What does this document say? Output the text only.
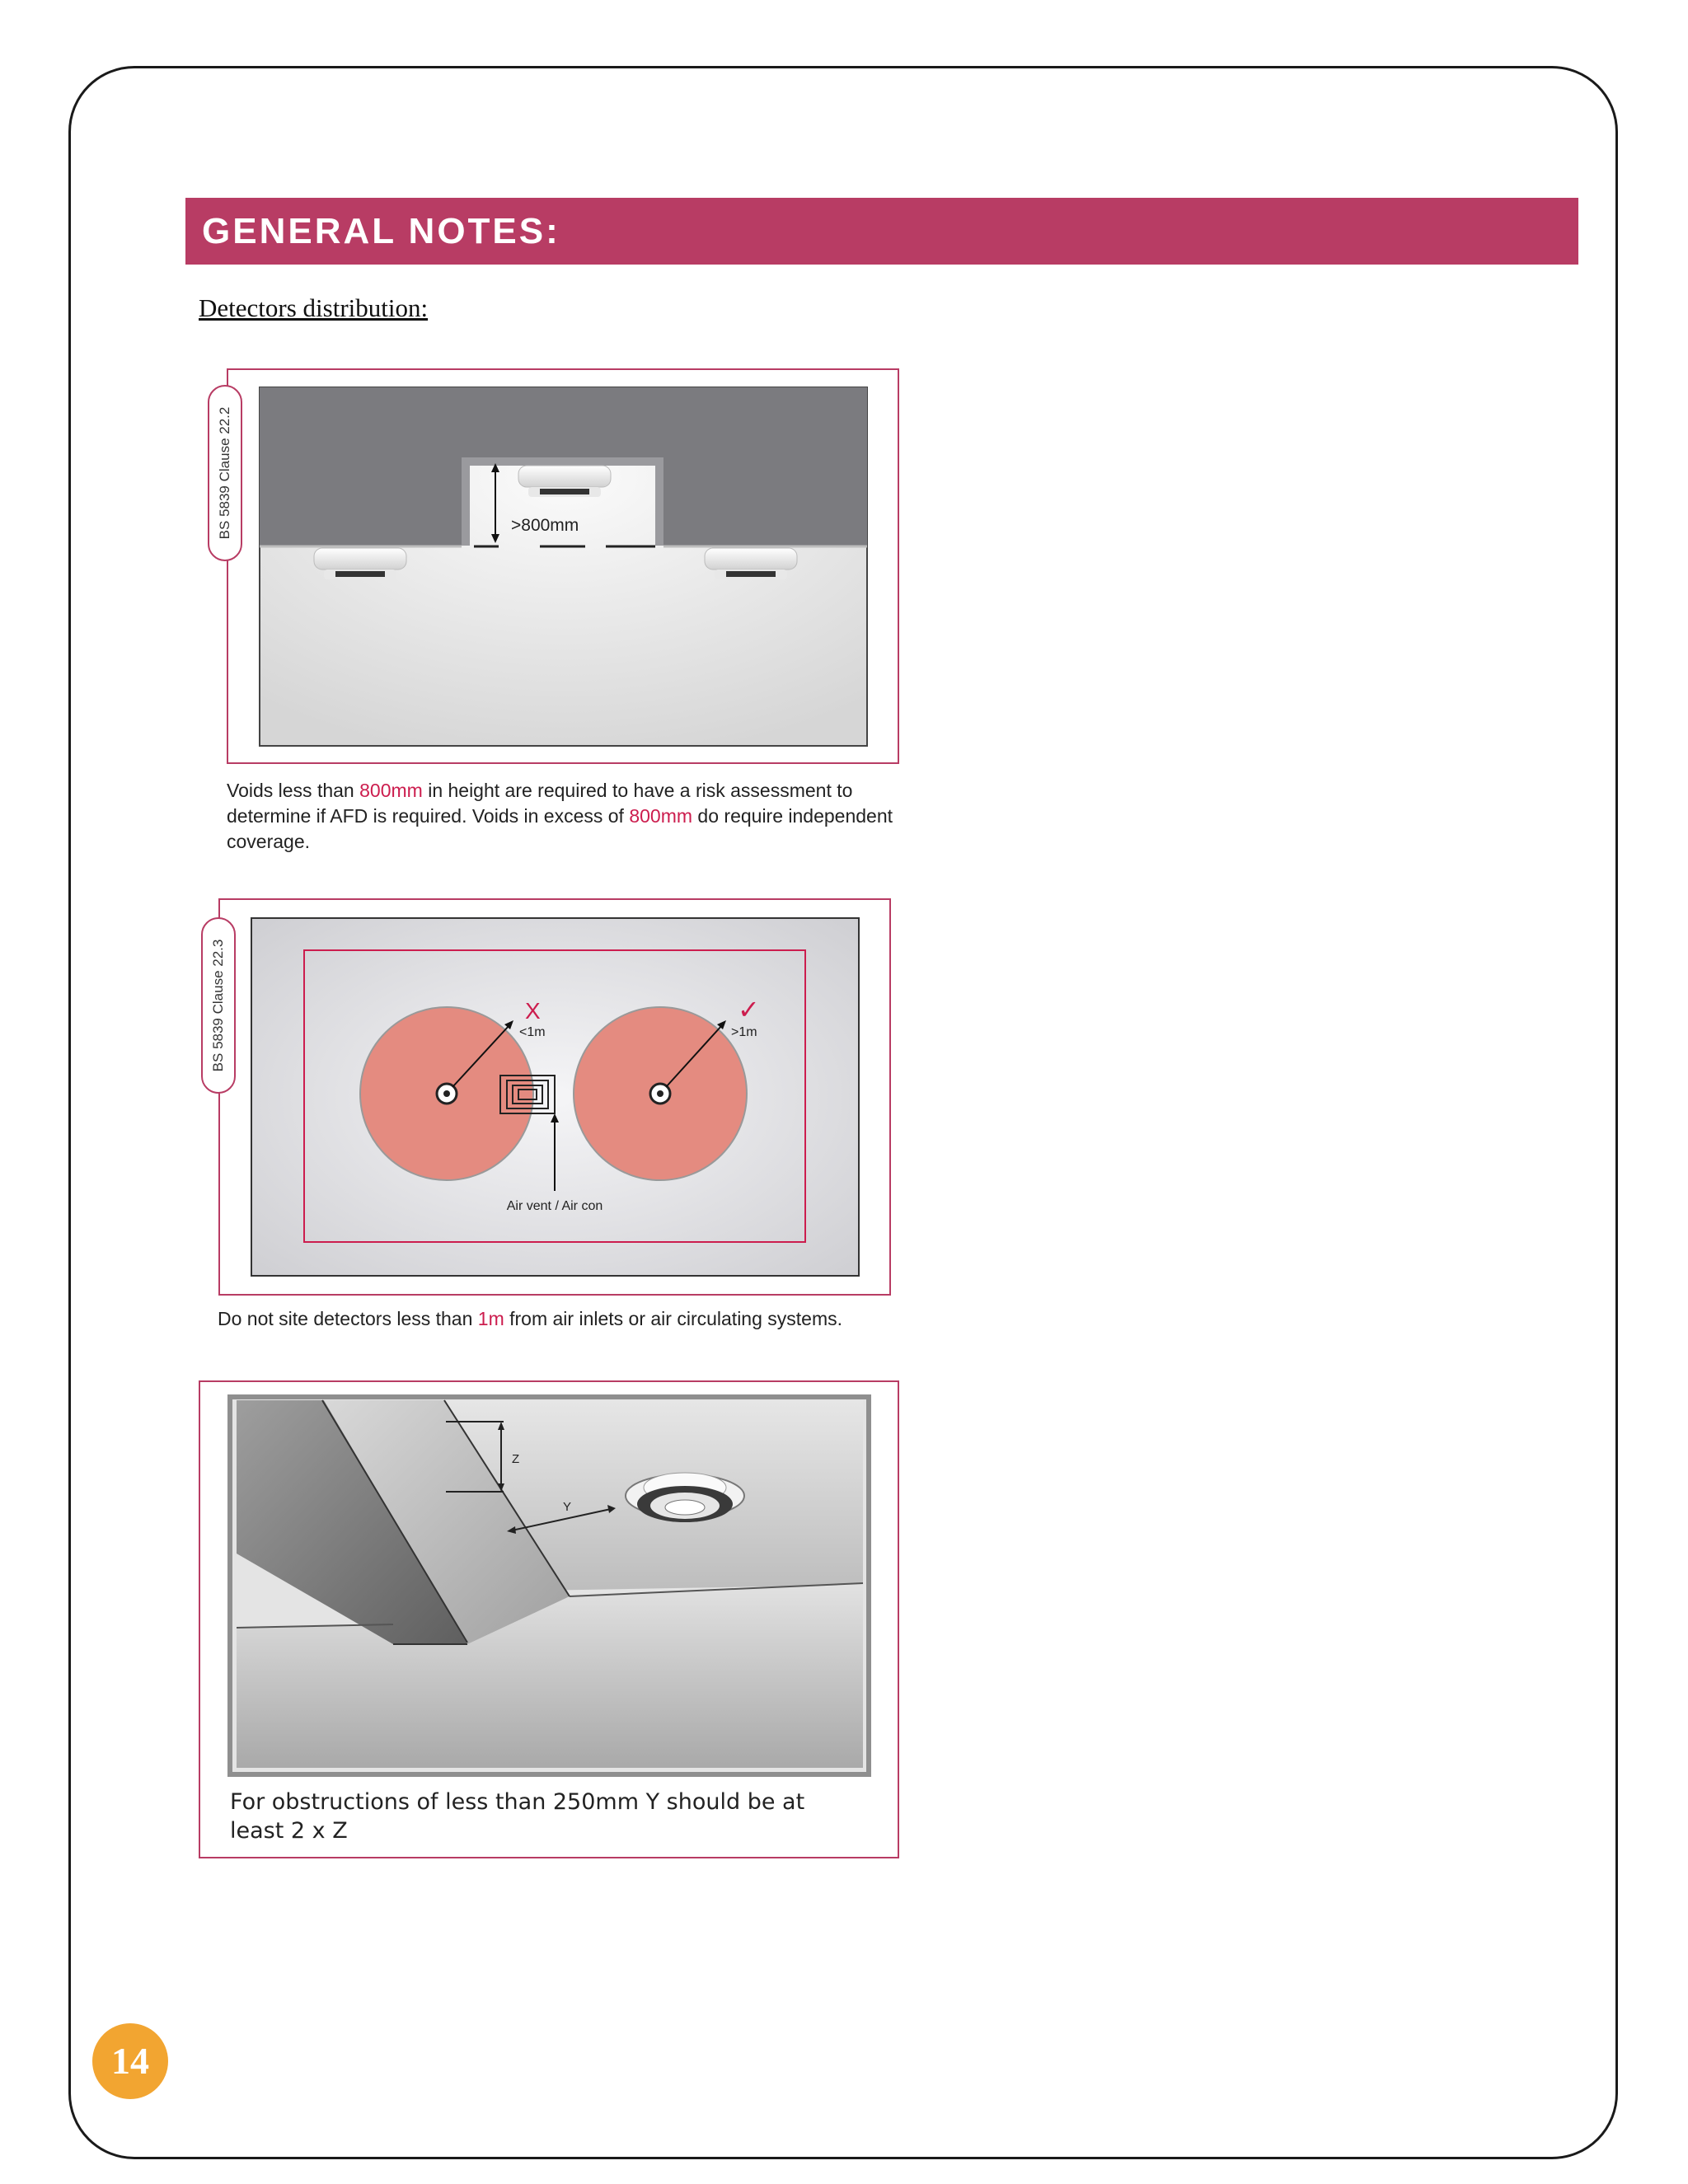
GENERAL NOTES:
Detectors distribution:
>800mm
BS 5839 Clause 22.2
Voids less than 800mm in height are required to have a risk assessment to
determine if AFD is required. Voids in excess of 800mm do require independent
coverage.
X
<1m
✓
>1m
Air vent / Air con
BS 5839 Clause 22.3
Do not site detectors less than 1m from air inlets or air circulating systems.
Z
Y
For obstructions of less than 250mm Y should be at
least 2 x Z
14
